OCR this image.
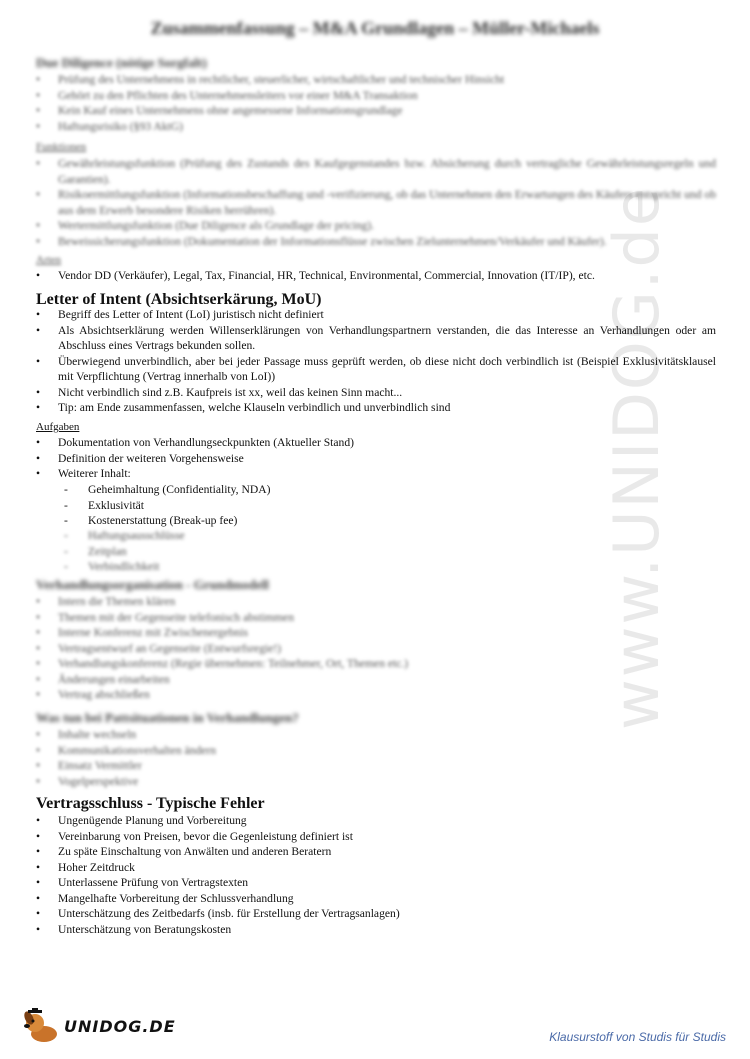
www.UNIDOG.de
Zusammenfassung – M&A Grundlagen – Müller-Michaels
Due Diligence (nötige Sorgfalt)
• Prüfung des Unternehmens in rechtlicher, steuerlicher, wirtschaftlicher und technischer Hinsicht
• Gehört zu den Pflichten des Unternehmensleiters vor einer M&A Transaktion
• Kein Kauf eines Unternehmens ohne angemessene Informationsgrundlage
• Haftungsrisiko (§93 AktG)
Funktionen
• Gewährleistungsfunktion (Prüfung des Zustands des Kaufgegenstandes bzw. Absicherung durch vertragliche Gewährleistungsregeln und Garantien).
• Risikoermittlungsfunktion (Informationsbeschaffung und -verifizierung, ob das Unternehmen den Erwartungen des Käufers entspricht und ob aus dem Erwerb besondere Risiken herrühren).
• Wertermittlungsfunktion (Due Diligence als Grundlage der pricing).
• Beweissicherungsfunktion (Dokumentation der Informationsflüsse zwischen Zielunternehmen/Verkäufer und Käufer).
Arten
• Vendor DD (Verkäufer), Legal, Tax, Financial, HR, Technical, Environmental, Commercial, Innovation (IT/IP), etc.
Letter of Intent (Absichtserkärung, MoU)
• Begriff des Letter of Intent (LoI) juristisch nicht definiert
• Als Absichtserklärung werden Willenserklärungen von Verhandlungspartnern verstanden, die das Interesse an Verhandlungen oder am Abschluss eines Vertrags bekunden sollen.
• Überwiegend unverbindlich, aber bei jeder Passage muss geprüft werden, ob diese nicht doch verbindlich ist (Beispiel Exklusivitätsklausel mit Verpflichtung (Vertrag innerhalb von LoI))
• Nicht verbindlich sind z.B. Kaufpreis ist xx, weil das keinen Sinn macht...
• Tip: am Ende zusammenfassen, welche Klauseln verbindlich und unverbindlich sind
Aufgaben
• Dokumentation von Verhandlungseckpunkten (Aktueller Stand)
• Definition der weiteren Vorgehensweise
• Weiterer Inhalt:
- Geheimhaltung (Confidentiality, NDA)
- Exklusivität
- Kostenerstattung (Break-up fee)
- Haftungsausschlüsse
- Zeitplan
- Verbindlichkeit
Verhandlungsorganisation - Grundmodell
• Intern die Themen klären
• Themen mit der Gegenseite telefonisch abstimmen
• Interne Konferenz mit Zwischenergebnis
• Vertragsentwurf an Gegenseite (Entwurfsregie!)
• Verhandlungskonferenz (Regie übernehmen: Teilnehmer, Ort, Themen etc.)
• Änderungen einarbeiten
• Vertrag abschließen
Was tun bei Pattsituationen in Verhandlungen?
• Inhalte wechseln
• Kommunikationsverhalten ändern
• Einsatz Vermittler
• Vogelperspektive
Vertragsschluss - Typische Fehler
• Ungenügende Planung und Vorbereitung
• Vereinbarung von Preisen, bevor die Gegenleistung definiert ist
• Zu späte Einschaltung von Anwälten und anderen Beratern
• Hoher Zeitdruck
• Unterlassene Prüfung von Vertragstexten
• Mangelhafte Vorbereitung der Schlussverhandlung
• Unterschätzung des Zeitbedarfs (insb. für Erstellung der Vertragsanlagen)
• Unterschätzung von Beratungskosten
UNIDOG.DE
Klausurstoff von Studis für Studis
